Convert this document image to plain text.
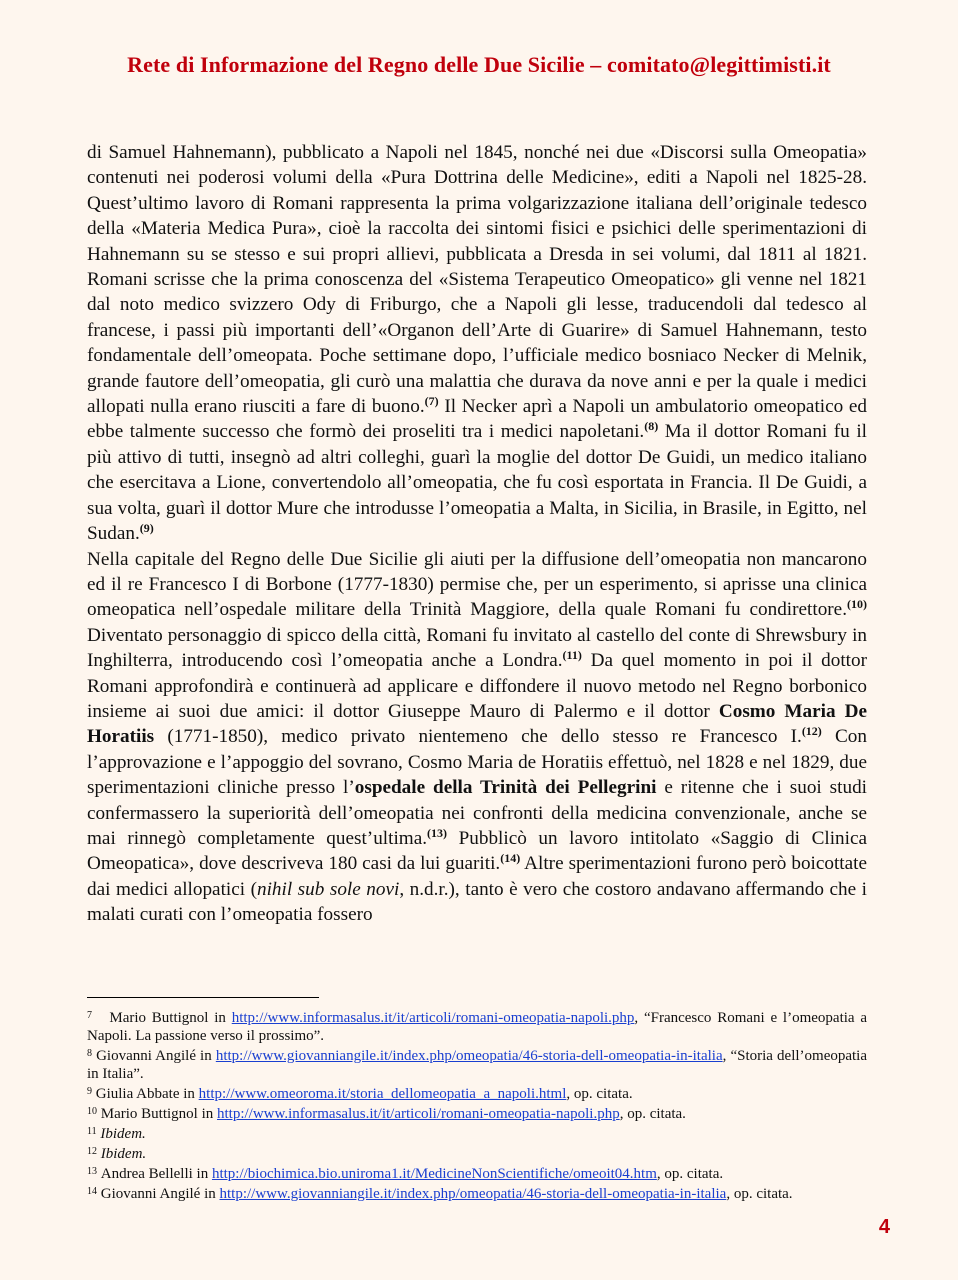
Rete di Informazione del Regno delle Due Sicilie – comitato@legittimisti.it

di Samuel Hahnemann), pubblicato a Napoli nel 1845, nonché nei due «Discorsi sulla Omeopatia» contenuti nei poderosi volumi della «Pura Dottrina delle Medicine», editi a Napoli nel 1825-28. Quest’ultimo lavoro di Romani rappresenta la prima volgarizzazione italiana dell’originale tedesco della «Materia Medica Pura», cioè la raccolta dei sintomi fisici e psichici delle sperimentazioni di Hahnemann su se stesso e sui propri allievi, pubblicata a Dresda in sei volumi, dal 1811 al 1821. Romani scrisse che la prima conoscenza del «Sistema Terapeutico Omeopatico» gli venne nel 1821 dal noto medico svizzero Ody di Friburgo, che a Napoli gli lesse, traducendoli dal tedesco al francese, i passi più importanti dell’«Organon dell’Arte di Guarire» di Samuel Hahnemann, testo fondamentale dell’omeopata. Poche settimane dopo, l’ufficiale medico bosniaco Necker di Melnik, grande fautore dell’omeopatia, gli curò una malattia che durava da nove anni e per la quale i medici allopati nulla erano riusciti a fare di buono.$^{(7)}$ Il Necker aprì a Napoli un ambulatorio omeopatico ed ebbe talmente successo che formò dei proseliti tra i medici napoletani.$^{(8)}$ Ma il dottor Romani fu il più attivo di tutti, insegnò ad altri colleghi, guarì la moglie del dottor De Guidi, un medico italiano che esercitava a Lione, convertendolo all’omeopatia, che fu così esportata in Francia. Il De Guidi, a sua volta, guarì il dottor Mure che introdusse l’omeopatia a Malta, in Sicilia, in Brasile, in Egitto, nel Sudan.$^{(9)}$

Nella capitale del Regno delle Due Sicilie gli aiuti per la diffusione dell’omeopatia non mancarono ed il re Francesco I di Borbone (1777-1830) permise che, per un esperimento, si aprisse una clinica omeopatica nell’ospedale militare della Trinità Maggiore, della quale Romani fu condirettore.$^{(10)}$ Diventato personaggio di spicco della città, Romani fu invitato al castello del conte di Shrewsbury in Inghilterra, introducendo così l’omeopatia anche a Londra.$^{(11)}$ Da quel momento in poi il dottor Romani approfondirà e continuerà ad applicare e diffondere il nuovo metodo nel Regno borbonico insieme ai suoi due amici: il dottor Giuseppe Mauro di Palermo e il dottor Cosmo Maria De Horatiis (1771-1850), medico privato nientemeno che dello stesso re Francesco I.$^{(12)}$ Con l’approvazione e l’appoggio del sovrano, Cosmo Maria de Horatiis effettuò, nel 1828 e nel 1829, due sperimentazioni cliniche presso l’ospedale della Trinità dei Pellegrini e ritenne che i suoi studi confermassero la superiorità dell’omeopatia nei confronti della medicina convenzionale, anche se mai rinnegò completamente quest’ultima.$^{(13)}$ Pubblicò un lavoro intitolato «Saggio di Clinica Omeopatica», dove descriveva 180 casi da lui guariti.$^{(14)}$ Altre sperimentazioni furono però boicottate dai medici allopatici (nihil sub sole novi, n.d.r.), tanto è vero che costoro andavano affermando che i malati curati con l’omeopatia fossero

$^7$ Mario Buttignol in http://www.informasalus.it/it/articoli/romani-omeopatia-napoli.php, “Francesco Romani e l’omeopatia a Napoli. La passione verso il prossimo”.

$^8$ Giovanni Angilé in http://www.giovanniangile.it/index.php/omeopatia/46-storia-dell-omeopatia-in-italia, “Storia dell’omeopatia in Italia”.

$^9$ Giulia Abbate in http://www.omeoroma.it/storia_dellomeopatia_a_napoli.html, op. citata.

$^{10}$ Mario Buttignol in http://www.informasalus.it/it/articoli/romani-omeopatia-napoli.php, op. citata.

$^{11}$ Ibidem.

$^{12}$ Ibidem.

$^{13}$ Andrea Bellelli in http://biochimica.bio.uniroma1.it/MedicineNonScientifiche/omeoit04.htm, op. citata.

$^{14}$ Giovanni Angilé in http://www.giovanniangile.it/index.php/omeopatia/46-storia-dell-omeopatia-in-italia, op. citata.

4
